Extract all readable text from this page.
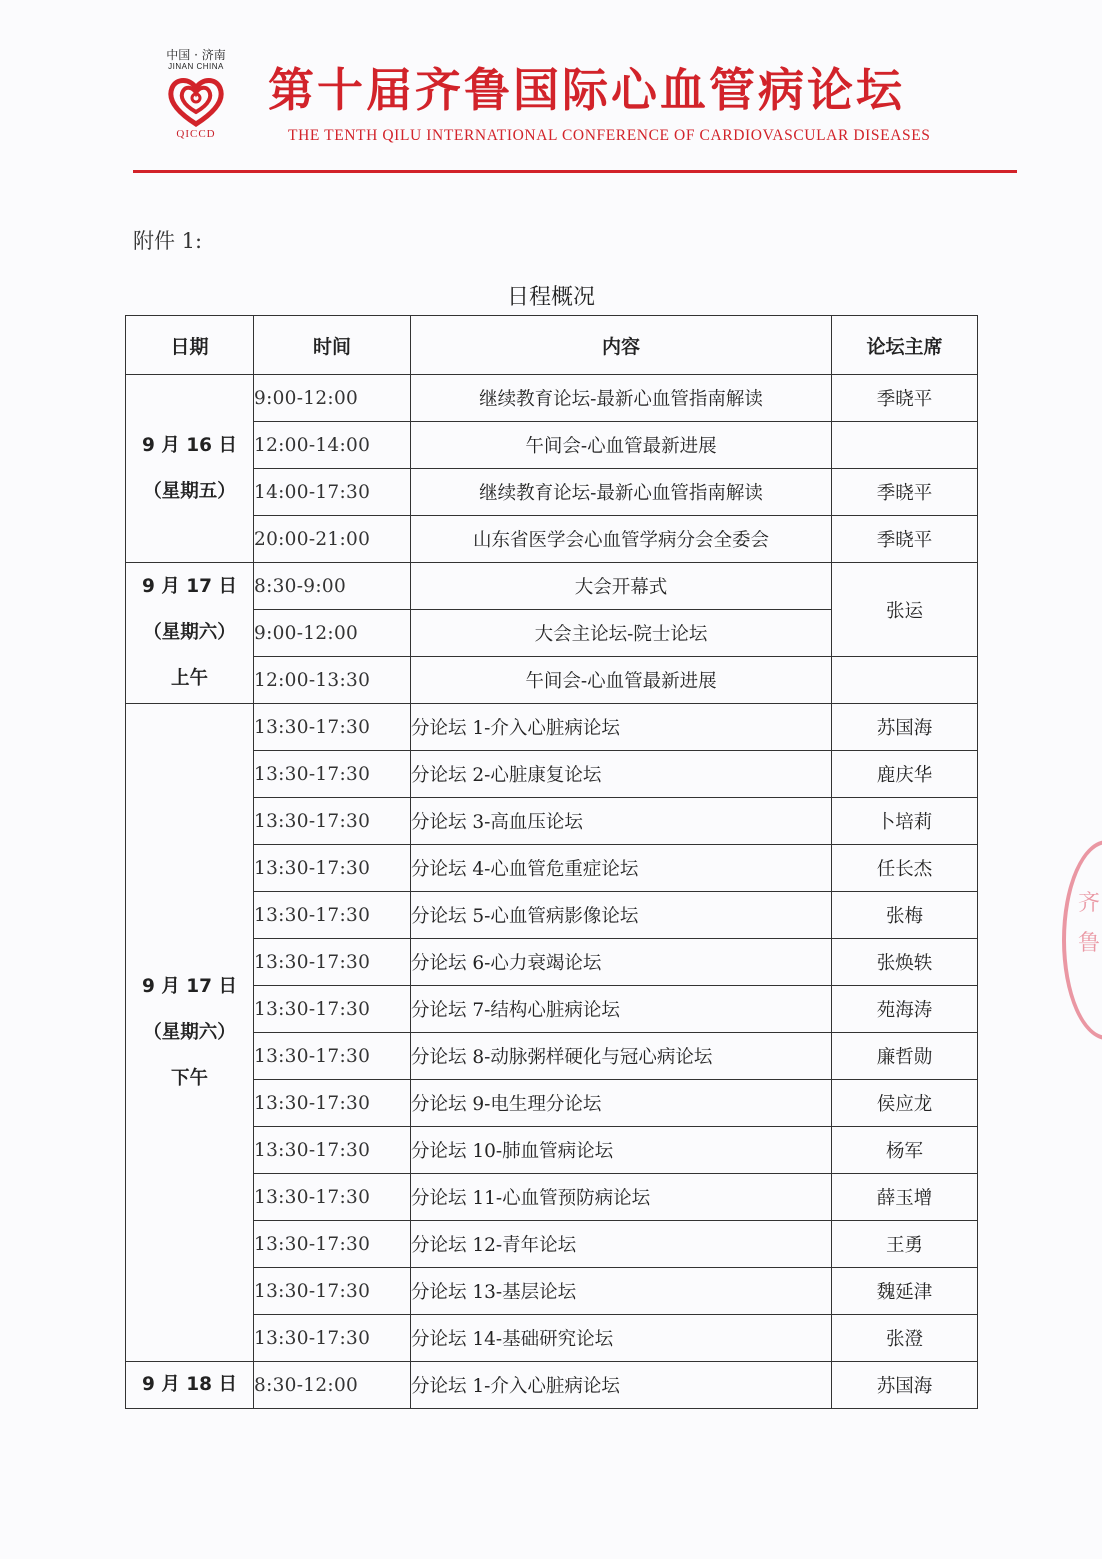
中国 · 济南
JINAN CHINA
QICCD
第十届齐鲁国际心血管病论坛
THE TENTH QILU INTERNATIONAL CONFERENCE OF CARDIOVASCULAR DISEASES
附件 1:
日程概况
日期	时间	内容	论坛主席

9 月 16 日
（星期五）	9:00-12:00	继续教育论坛-最新心血管指南解读	季晓平
	12:00-14:00	午间会-心血管最新进展	
	14:00-17:30	继续教育论坛-最新心血管指南解读	季晓平
	20:00-21:00	山东省医学会心血管学病分会全委会	季晓平

9 月 17 日
（星期六）
上午	8:30-9:00	大会开幕式	张运
	9:00-12:00	大会主论坛-院士论坛	
	12:00-13:30	午间会-心血管最新进展	

9 月 17 日
（星期六）
下午	13:30-17:30	分论坛 1-介入心脏病论坛	苏国海
	13:30-17:30	分论坛 2-心脏康复论坛	鹿庆华
	13:30-17:30	分论坛 3-高血压论坛	卜培莉
	13:30-17:30	分论坛 4-心血管危重症论坛	任长杰
	13:30-17:30	分论坛 5-心血管病影像论坛	张梅
	13:30-17:30	分论坛 6-心力衰竭论坛	张焕轶
	13:30-17:30	分论坛 7-结构心脏病论坛	苑海涛
	13:30-17:30	分论坛 8-动脉粥样硬化与冠心病论坛	廉哲勋
	13:30-17:30	分论坛 9-电生理分论坛	侯应龙
	13:30-17:30	分论坛 10-肺血管病论坛	杨军
	13:30-17:30	分论坛 11-心血管预防病论坛	薛玉增
	13:30-17:30	分论坛 12-青年论坛	王勇
	13:30-17:30	分论坛 13-基层论坛	魏延津
	13:30-17:30	分论坛 14-基础研究论坛	张澄

9 月 18 日	8:30-12:00	分论坛 1-介入心脏病论坛	苏国海
齐
鲁
